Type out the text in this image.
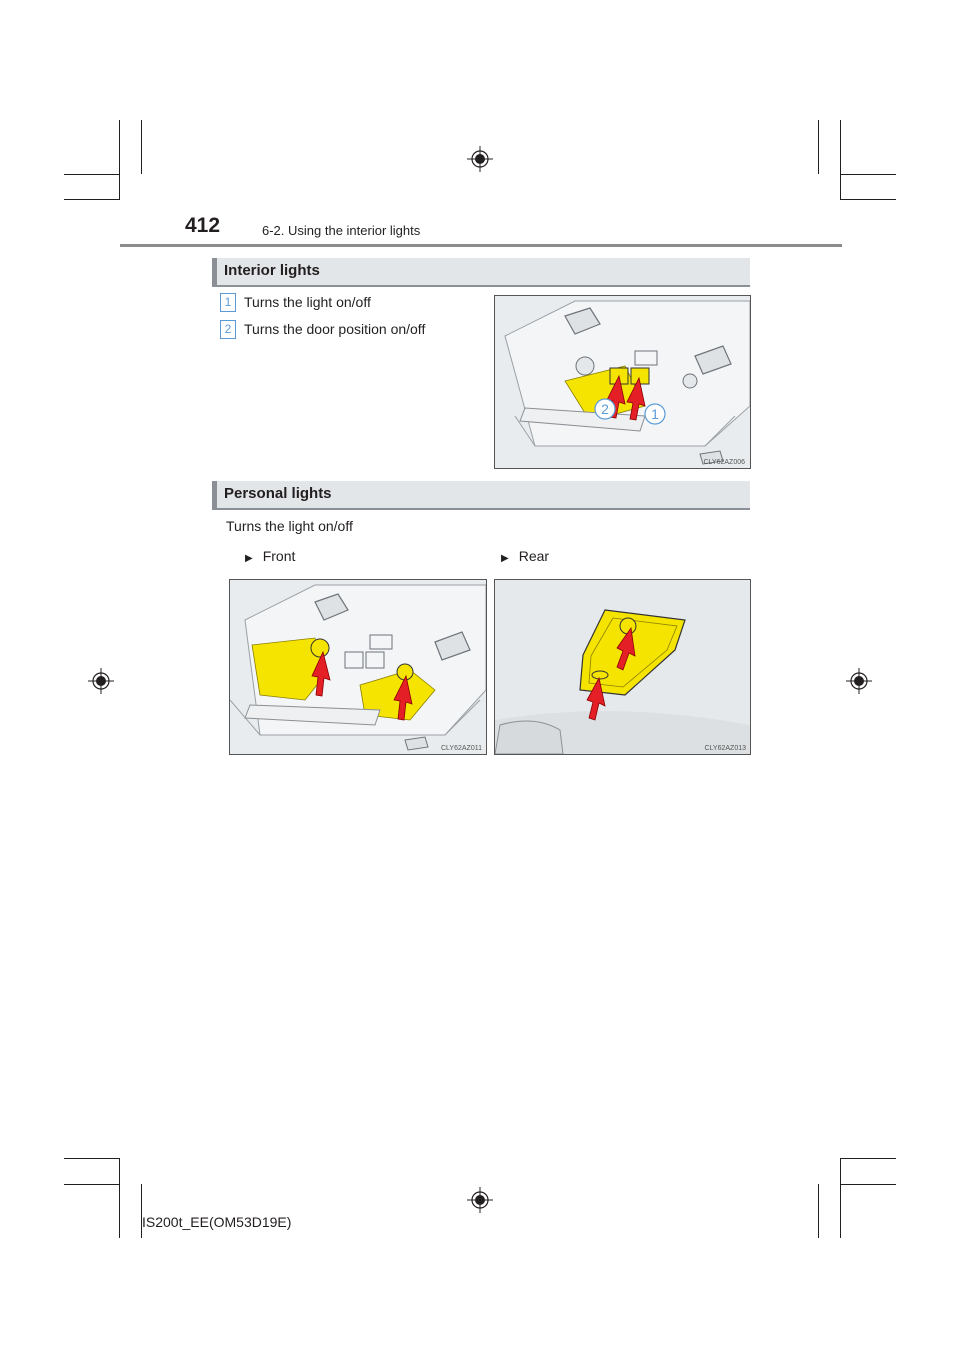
412	6-2. Using the interior lights
Interior lights
1 Turns the light on/off
2 Turns the door position on/off
2	1
CLY62AZ006
Personal lights
Turns the light on/off
▶ Front	▶ Rear
CLY62AZ011	CLY62AZ013
IS200t_EE(OM53D19E)
